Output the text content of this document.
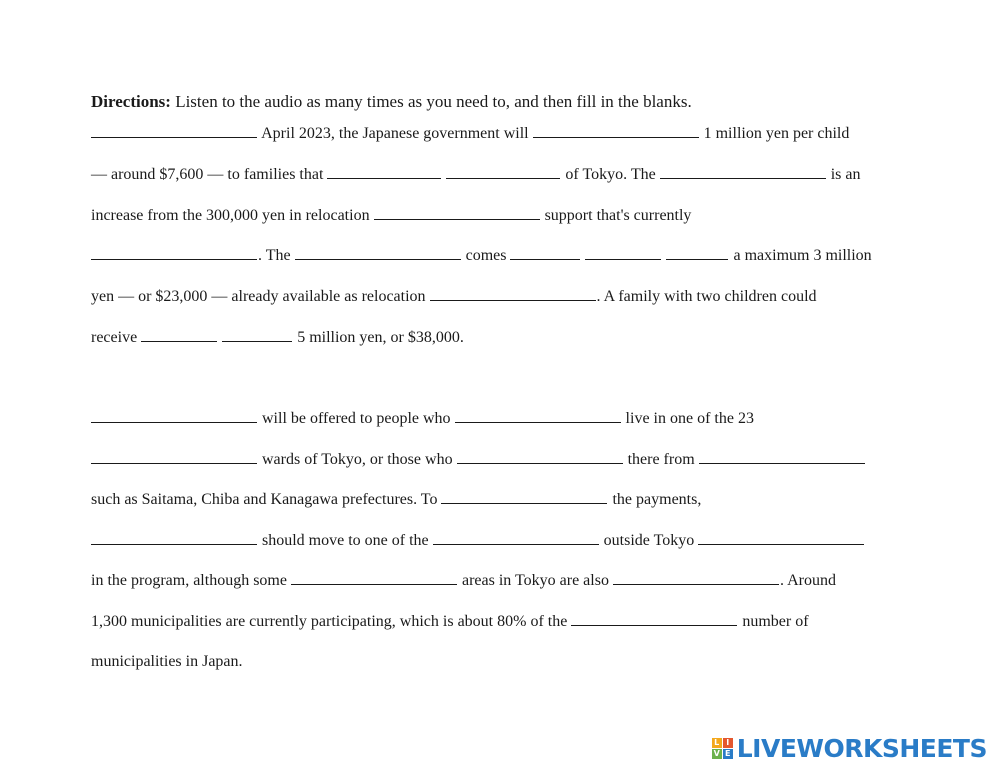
Directions: Listen to the audio as many times as you need to, and then fill in the blanks.
April 2023, the Japanese government will	1 million yen per child
— around $7,600 — to families that	of Tokyo. The	is an
increase from the 300,000 yen in relocation	support that's currently
. The	comes	a maximum 3 million
yen — or $23,000 — already available as relocation	. A family with two children could
receive	5 million yen, or $38,000.
will be offered to people who	live in one of the 23
wards of Tokyo, or those who	there from
such as Saitama, Chiba and Kanagawa prefectures. To	the payments,
should move to one of the	outside Tokyo
in the program, although some	areas in Tokyo are also	. Around
1,300 municipalities are currently participating, which is about 80% of the	number of
municipalities in Japan.
L I
V E LIVEWORKSHEETS
